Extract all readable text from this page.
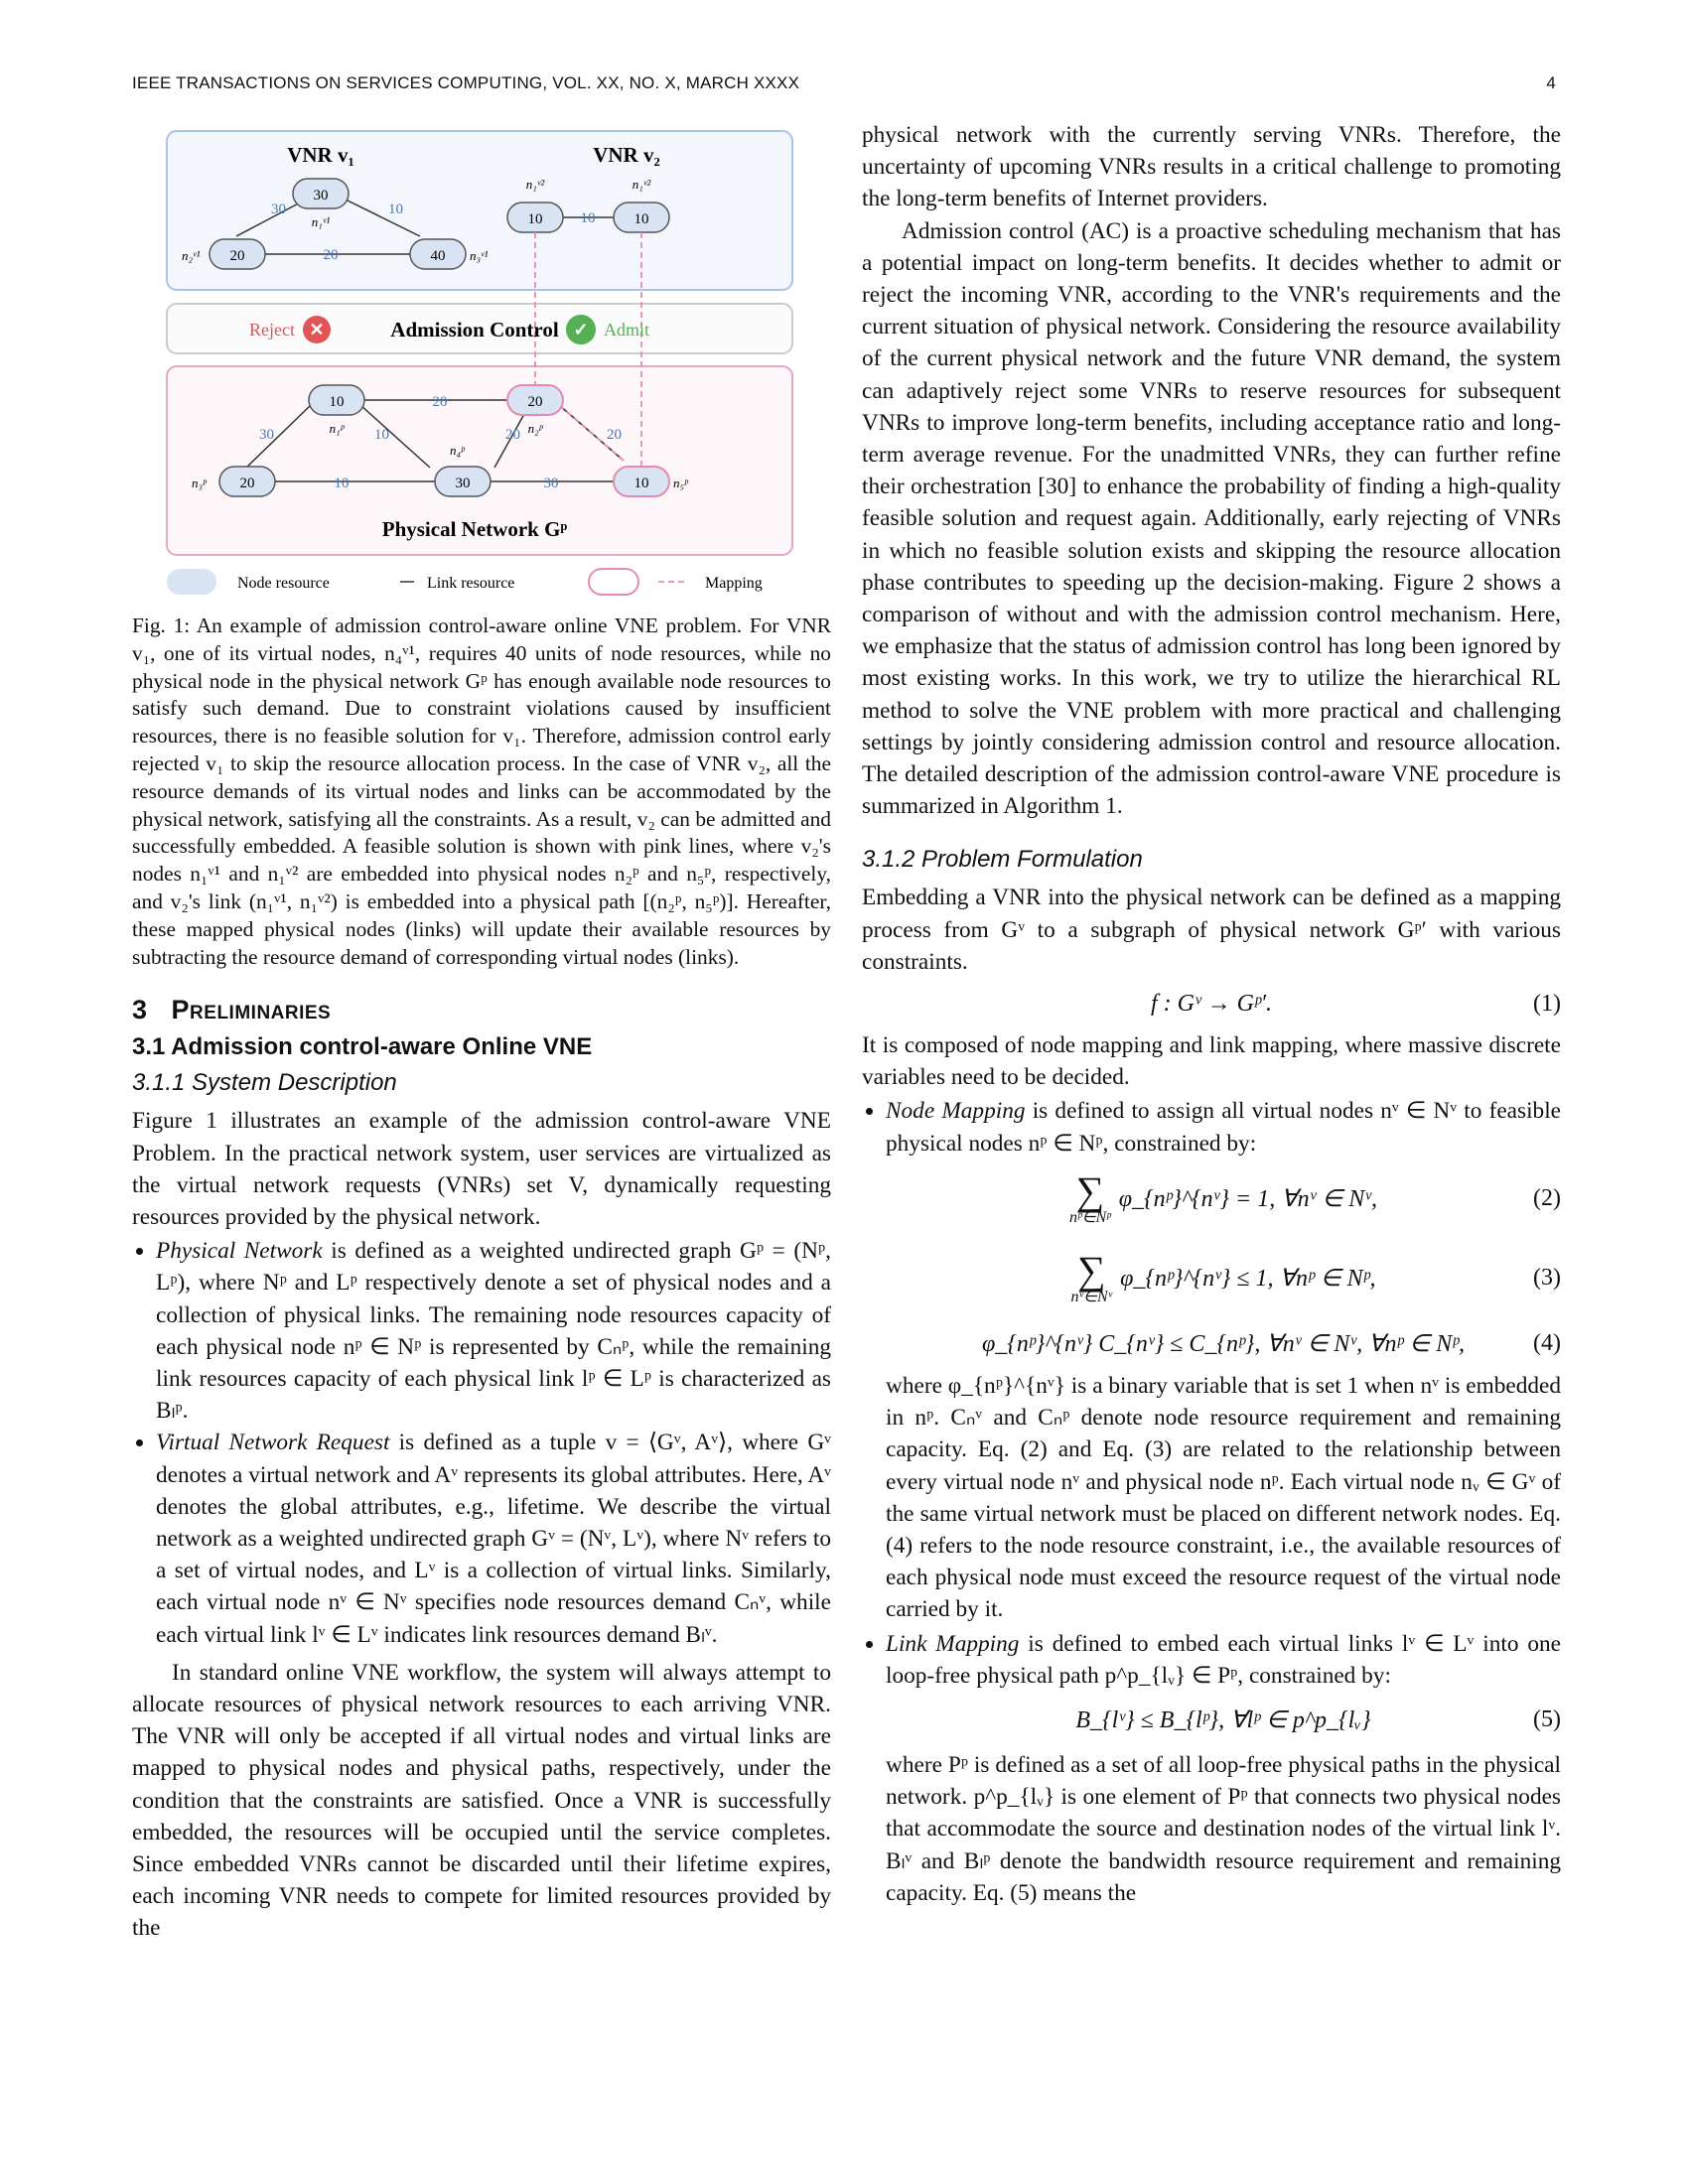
IEEE TRANSACTIONS ON SERVICES COMPUTING, VOL. XX, NO. X, MARCH XXXX	4
30	10
20
30
20	40
n₁ᵛ¹
n₂ᵛ¹	n₃ᵛ¹
VNR v₁	VNR v₂
10
10	10
n₁ᵛ²	n₁ᵛ²
Reject ✕	Admission Control ✓ Admit
20
30	10	20	20
10	30
10	20
20	30	10
n₁ᵖ	n₂ᵖ
n₃ᵖ
n₄ᵖ
n₅ᵖ
Physical Network Gᵖ
Node resource	Link resource	Mapping

Fig. 1: An example of admission control-aware online VNE problem. For VNR v₁, one of its virtual nodes, n₄ᵛ¹, requires 40 units of node resources, while no physical node in the physical network Gᵖ has enough available node resources to satisfy such demand. Due to constraint violations caused by insufficient resources, there is no feasible solution for v₁. Therefore, admission control early rejected v₁ to skip the resource allocation process. In the case of VNR v₂, all the resource demands of its virtual nodes and links can be accommodated by the physical network, satisfying all the constraints. As a result, v₂ can be admitted and successfully embedded. A feasible solution is shown with pink lines, where v₂'s nodes n₁ᵛ¹ and n₁ᵛ² are embedded into physical nodes n₂ᵖ and n₅ᵖ, respectively, and v₂'s link (n₁ᵛ¹, n₁ᵛ²) is embedded into a physical path [(n₂ᵖ, n₅ᵖ)]. Hereafter, these mapped physical nodes (links) will update their available resources by subtracting the resource demand of corresponding virtual nodes (links).

3 Preliminaries
3.1 Admission control-aware Online VNE
3.1.1 System Description

Figure 1 illustrates an example of the admission control-aware VNE Problem. In the practical network system, user services are virtualized as the virtual network requests (VNRs) set V, dynamically requesting resources provided by the physical network.

• Physical Network is defined as a weighted undirected graph Gᵖ = (Nᵖ, Lᵖ), where Nᵖ and Lᵖ respectively denote a set of physical nodes and a collection of physical links. The remaining node resources capacity of each physical node nᵖ ∈ Nᵖ is represented by Cₙᵖ, while the remaining link resources capacity of each physical link lᵖ ∈ Lᵖ is characterized as Bₗᵖ.
• Virtual Network Request is defined as a tuple v = ⟨Gᵛ, Aᵛ⟩, where Gᵛ denotes a virtual network and Aᵛ represents its global attributes. Here, Aᵛ denotes the global attributes, e.g., lifetime. We describe the virtual network as a weighted undirected graph Gᵛ = (Nᵛ, Lᵛ), where Nᵛ refers to a set of virtual nodes, and Lᵛ is a collection of virtual links. Similarly, each virtual node nᵛ ∈ Nᵛ specifies node resources demand Cₙᵛ, while each virtual link lᵛ ∈ Lᵛ indicates link resources demand Bₗᵛ.

In standard online VNE workflow, the system will always attempt to allocate resources of physical network resources to each arriving VNR. The VNR will only be accepted if all virtual nodes and virtual links are mapped to physical nodes and physical paths, respectively, under the condition that the constraints are satisfied. Once a VNR is successfully embedded, the resources will be occupied until the service completes. Since embedded VNRs cannot be discarded until their lifetime expires, each incoming VNR needs to compete for limited resources provided by the

physical network with the currently serving VNRs. Therefore, the uncertainty of upcoming VNRs results in a critical challenge to promoting the long-term benefits of Internet providers.

Admission control (AC) is a proactive scheduling mechanism that has a potential impact on long-term benefits. It decides whether to admit or reject the incoming VNR, according to the VNR's requirements and the current situation of physical network. Considering the resource availability of the current physical network and the future VNR demand, the system can adaptively reject some VNRs to reserve resources for subsequent VNRs to improve long-term benefits, including acceptance ratio and long-term average revenue. For the unadmitted VNRs, they can further refine their orchestration [30] to enhance the probability of finding a high-quality feasible solution and request again. Additionally, early rejecting of VNRs in which no feasible solution exists and skipping the resource allocation phase contributes to speeding up the decision-making. Figure 2 shows a comparison of without and with the admission control mechanism. Here, we emphasize that the status of admission control has long been ignored by most existing works. In this work, we try to utilize the hierarchical RL method to solve the VNE problem with more practical and challenging settings by jointly considering admission control and resource allocation. The detailed description of the admission control-aware VNE procedure is summarized in Algorithm 1.

3.1.2 Problem Formulation

Embedding a VNR into the physical network can be defined as a mapping process from Gᵛ to a subgraph of physical network Gᵖ′ with various constraints.

f : Gᵛ → Gᵖ′.	(1)

It is composed of node mapping and link mapping, where massive discrete variables need to be decided.

• Node Mapping is defined to assign all virtual nodes nᵛ ∈ Nᵛ to feasible physical nodes nᵖ ∈ Nᵖ, constrained by:
∑
nᵖ∈Nᵖ
φ_{nᵖ}^{nᵛ} = 1, ∀nᵛ ∈ Nᵛ,	(2)
∑
nᵛ∈Nᵛ
φ_{nᵖ}^{nᵛ} ≤ 1, ∀nᵖ ∈ Nᵖ,	(3)
φ_{nᵖ}^{nᵛ} C_{nᵛ} ≤ C_{nᵖ}, ∀nᵛ ∈ Nᵛ, ∀nᵖ ∈ Nᵖ,	(4)

where φ_{nᵖ}^{nᵛ} is a binary variable that is set 1 when nᵛ is embedded in nᵖ. Cₙᵛ and Cₙᵖ denote node resource requirement and remaining capacity. Eq. (2) and Eq. (3) are related to the relationship between every virtual node nᵛ and physical node nᵖ. Each virtual node nᵥ ∈ Gᵛ of the same virtual network must be placed on different network nodes. Eq. (4) refers to the node resource constraint, i.e., the available resources of each physical node must exceed the resource request of the virtual node carried by it.

• Link Mapping is defined to embed each virtual links lᵛ ∈ Lᵛ into one loop-free physical path p^p_{lᵥ} ∈ Pᵖ, constrained by:
B_{lᵛ} ≤ B_{lᵖ}, ∀lᵖ ∈ p^p_{lᵥ}	(5)

where Pᵖ is defined as a set of all loop-free physical paths in the physical network. p^p_{lᵥ} is one element of Pᵖ that connects two physical nodes that accommodate the source and destination nodes of the virtual link lᵛ. Bₗᵛ and Bₗᵖ denote the bandwidth resource requirement and remaining capacity. Eq. (5) means the
